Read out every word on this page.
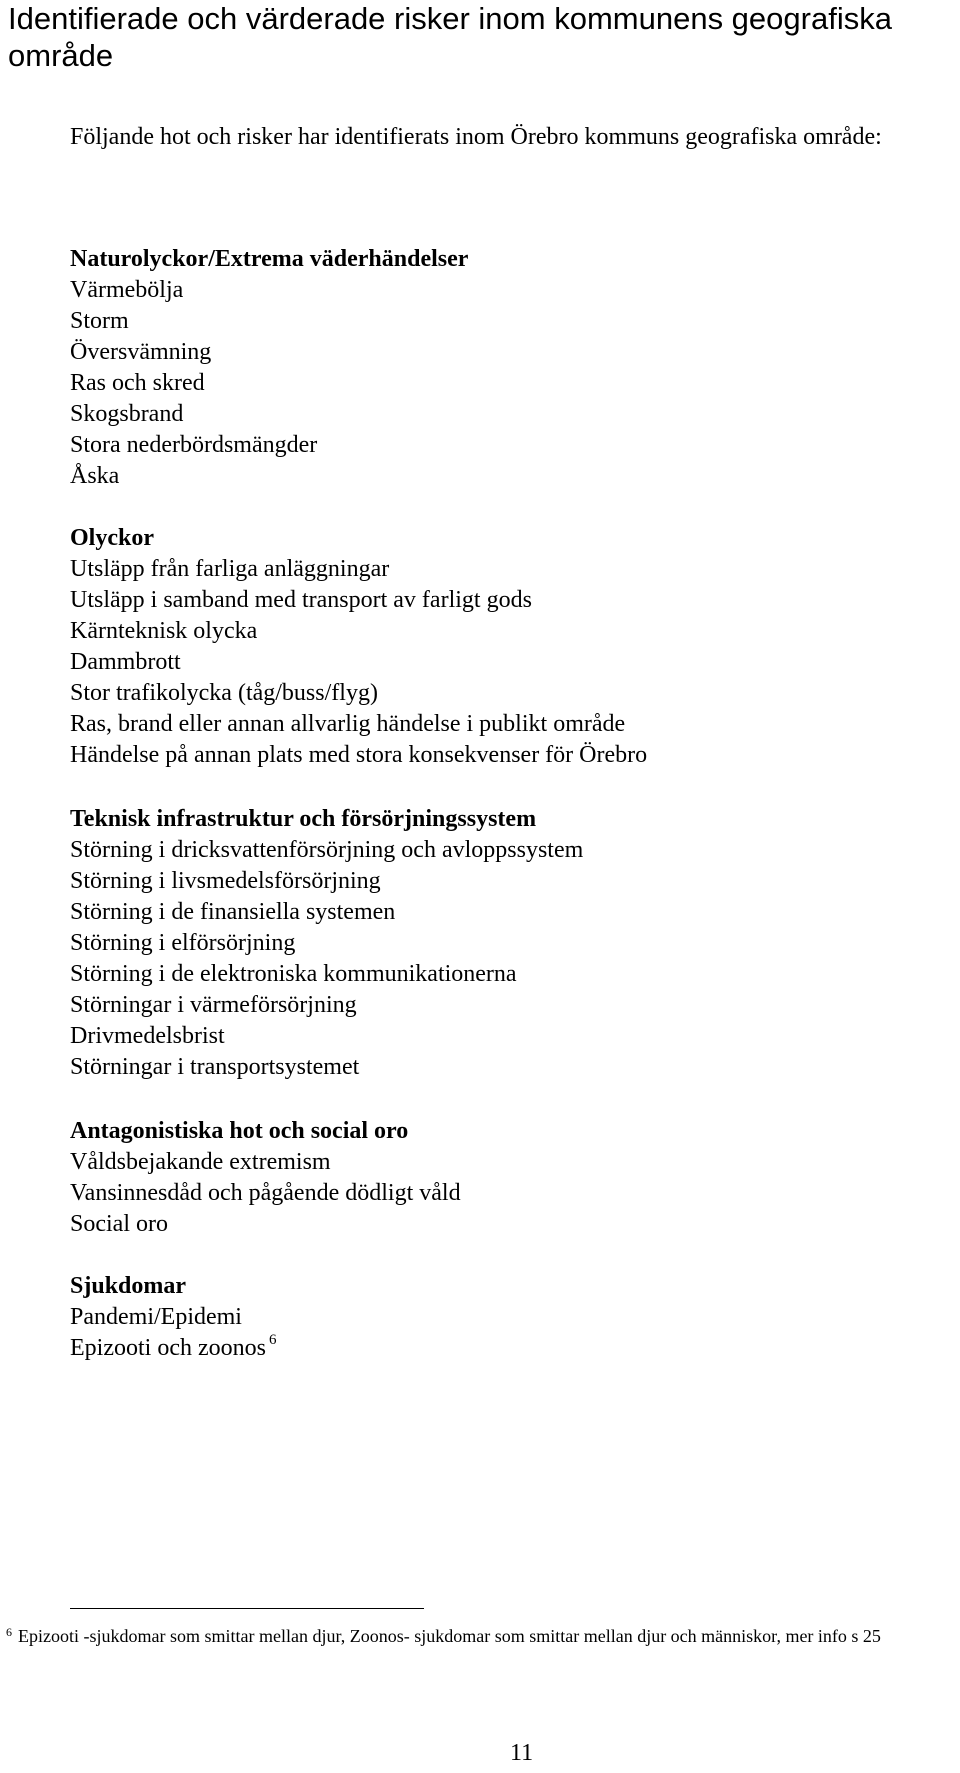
Identifierade och värderade risker inom kommunens geografiska område
Följande hot och risker har identifierats inom Örebro kommuns geografiska område:
Naturolyckor/Extrema väderhändelser
Värmebölja
Storm
Översvämning
Ras och skred
Skogsbrand
Stora nederbördsmängder
Åska
Olyckor
Utsläpp från farliga anläggningar
Utsläpp i samband med transport av farligt gods
Kärnteknisk olycka
Dammbrott
Stor trafikolycka (tåg/buss/flyg)
Ras, brand eller annan allvarlig händelse i publikt område
Händelse på annan plats med stora konsekvenser för Örebro
Teknisk infrastruktur och försörjningssystem
Störning i dricksvattenförsörjning och avloppssystem
Störning i livsmedelsförsörjning
Störning i de finansiella systemen
Störning i elförsörjning
Störning i de elektroniska kommunikationerna
Störningar i värmeförsörjning
Drivmedelsbrist
Störningar i transportsystemet
Antagonistiska hot och social oro
Våldsbejakande extremism
Vansinnesdåd och pågående dödligt våld
Social oro
Sjukdomar
Pandemi/Epidemi
Epizooti och zoonos $^6$
$^6$ Epizooti -sjukdomar som smittar mellan djur, Zoonos- sjukdomar som smittar mellan djur och människor, mer info s 25
11
